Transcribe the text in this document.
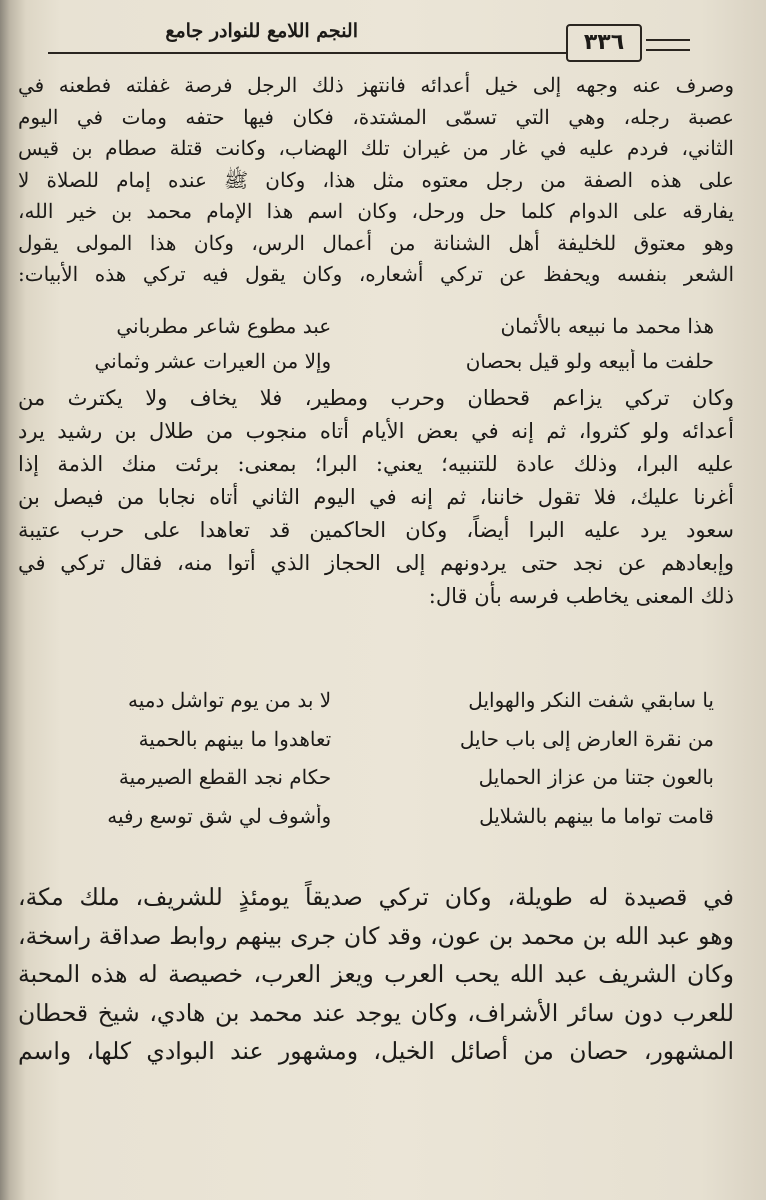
النجم اللامع للنوادر جامع	٣٣٦

وصرف عنه وجهه إلى خيل أعدائه فانتهز ذلك الرجل فرصة غفلته فطعنه في

عصبة رجله، وهي التي تسمّى المشتدة، فكان فيها حتفه ومات في اليوم

الثاني، فردم عليه في غار من غيران تلك الهضاب، وكانت قتلة صطام بن قيس

على هذه الصفة من رجل معتوه مثل هذا، وكان ﷺ عنده إمام للصلاة لا

يفارقه على الدوام كلما حل ورحل، وكان اسم هذا الإمام محمد بن خير الله،

وهو معتوق للخليفة أهل الشنانة من أعمال الرس، وكان هذا المولى يقول

الشعر بنفسه ويحفظ عن تركي أشعاره، وكان يقول فيه تركي هذه الأبيات:

هذا محمد ما نبيعه بالأثمان
عبد مطوع شاعر مطرباني
حلفت ما أبيعه ولو قيل بحصان
وإلا من العيرات عشر وثماني

وكان تركي يزاعم قحطان وحرب ومطير، فلا يخاف ولا يكترث من

أعدائه ولو كثروا، ثم إنه في بعض الأيام أتاه منجوب من طلال بن رشيد يرد

عليه البرا، وذلك عادة للتنبيه؛ يعني: البرا؛ بمعنى: برئت منك الذمة إذا

أغرنا عليك، فلا تقول خاننا، ثم إنه في اليوم الثاني أتاه نجابا من فيصل بن

سعود يرد عليه البرا أيضاً، وكان الحاكمين قد تعاهدا على حرب عتيبة

وإبعادهم عن نجد حتى يردونهم إلى الحجاز الذي أتوا منه، فقال تركي في

ذلك المعنى يخاطب فرسه بأن قال:

يا سابقي شفت النكر والهوايل
لا بد من يوم تواشل دميه
من نقرة العارض إلى باب حايل
تعاهدوا ما بينهم بالحمية
بالعون جتنا من عزاز الحمايل
حكام نجد القطع الصيرمية
قامت تواما ما بينهم بالشلايل
وأشوف لي شق توسع رفيه

في قصيدة له طويلة، وكان تركي صديقاً يومئذٍ للشريف، ملك مكة،

وهو عبد الله بن محمد بن عون، وقد كان جرى بينهم روابط صداقة راسخة،

وكان الشريف عبد الله يحب العرب ويعز العرب، خصيصة له هذه المحبة

للعرب دون سائر الأشراف، وكان يوجد عند محمد بن هادي، شيخ قحطان

المشهور، حصان من أصائل الخيل، ومشهور عند البوادي كلها، واسم
